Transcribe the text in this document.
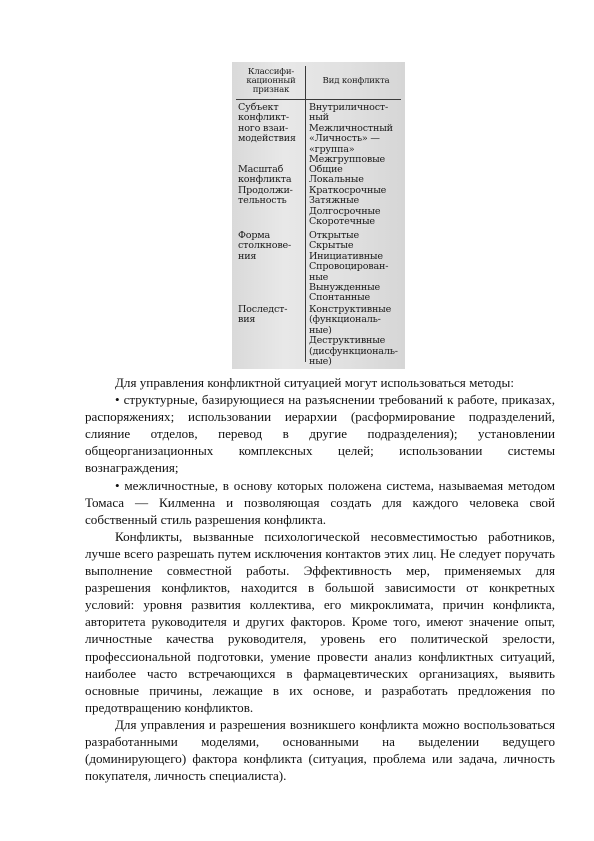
Классифи-
кационный
признак
Вид конфликта
Субъект
конфликт-
ного взаи-
модействия
Внутриличност-
ный
Межличностный
«Личность» —
«группа»
Межгрупповые
Масштаб
конфликта
Общие
Локальные
Продолжи-
тельность
Краткосрочные
Затяжные
Долгосрочные
Скоротечные
Форма
столкнове-
ния
Открытые
Скрытые
Инициативные
Спровоцирован-
ные
Вынужденные
Спонтанные
Последст-
вия
Конструктивные
(функциональ-
ные)
Деструктивные
(дисфункциональ-
ные)

Для управления конфликтной ситуацией могут использоваться методы:

• структурные, базирующиеся на разъяснении требований к работе, приказах, распоряжениях; использовании иерархии (расформирование подразделений, слияние отделов, перевод в другие подразделения); установлении общеорганизационных комплексных целей; использовании системы вознаграждения;

• межличностные, в основу которых положена система, называемая методом Томаса — Килменна и позволяющая создать для каждого человека свой собственный стиль разрешения конфликта.

Конфликты, вызванные психологической несовместимостью работников, лучше всего разрешать путем исключения контактов этих лиц. Не следует поручать выполнение совместной работы. Эффективность мер, применяемых для разрешения конфликтов, находится в большой зависимости от конкретных условий: уровня развития коллектива, его микроклимата, причин конфликта, авторитета руководителя и других факторов. Кроме того, имеют значение опыт, личностные качества руководителя, уровень его политической зрелости, профессиональной подготовки, умение провести анализ конфликтных ситуаций, наиболее часто встречающихся в фармацевтических организациях, выявить основные причины, лежащие в их основе, и разработать предложения по предотвращению конфликтов.

Для управления и разрешения возникшего конфликта можно воспользоваться разработанными моделями, основанными на выделении ведущего (доминирующего) фактора конфликта (ситуация, проблема или задача, личность покупателя, личность специалиста).
